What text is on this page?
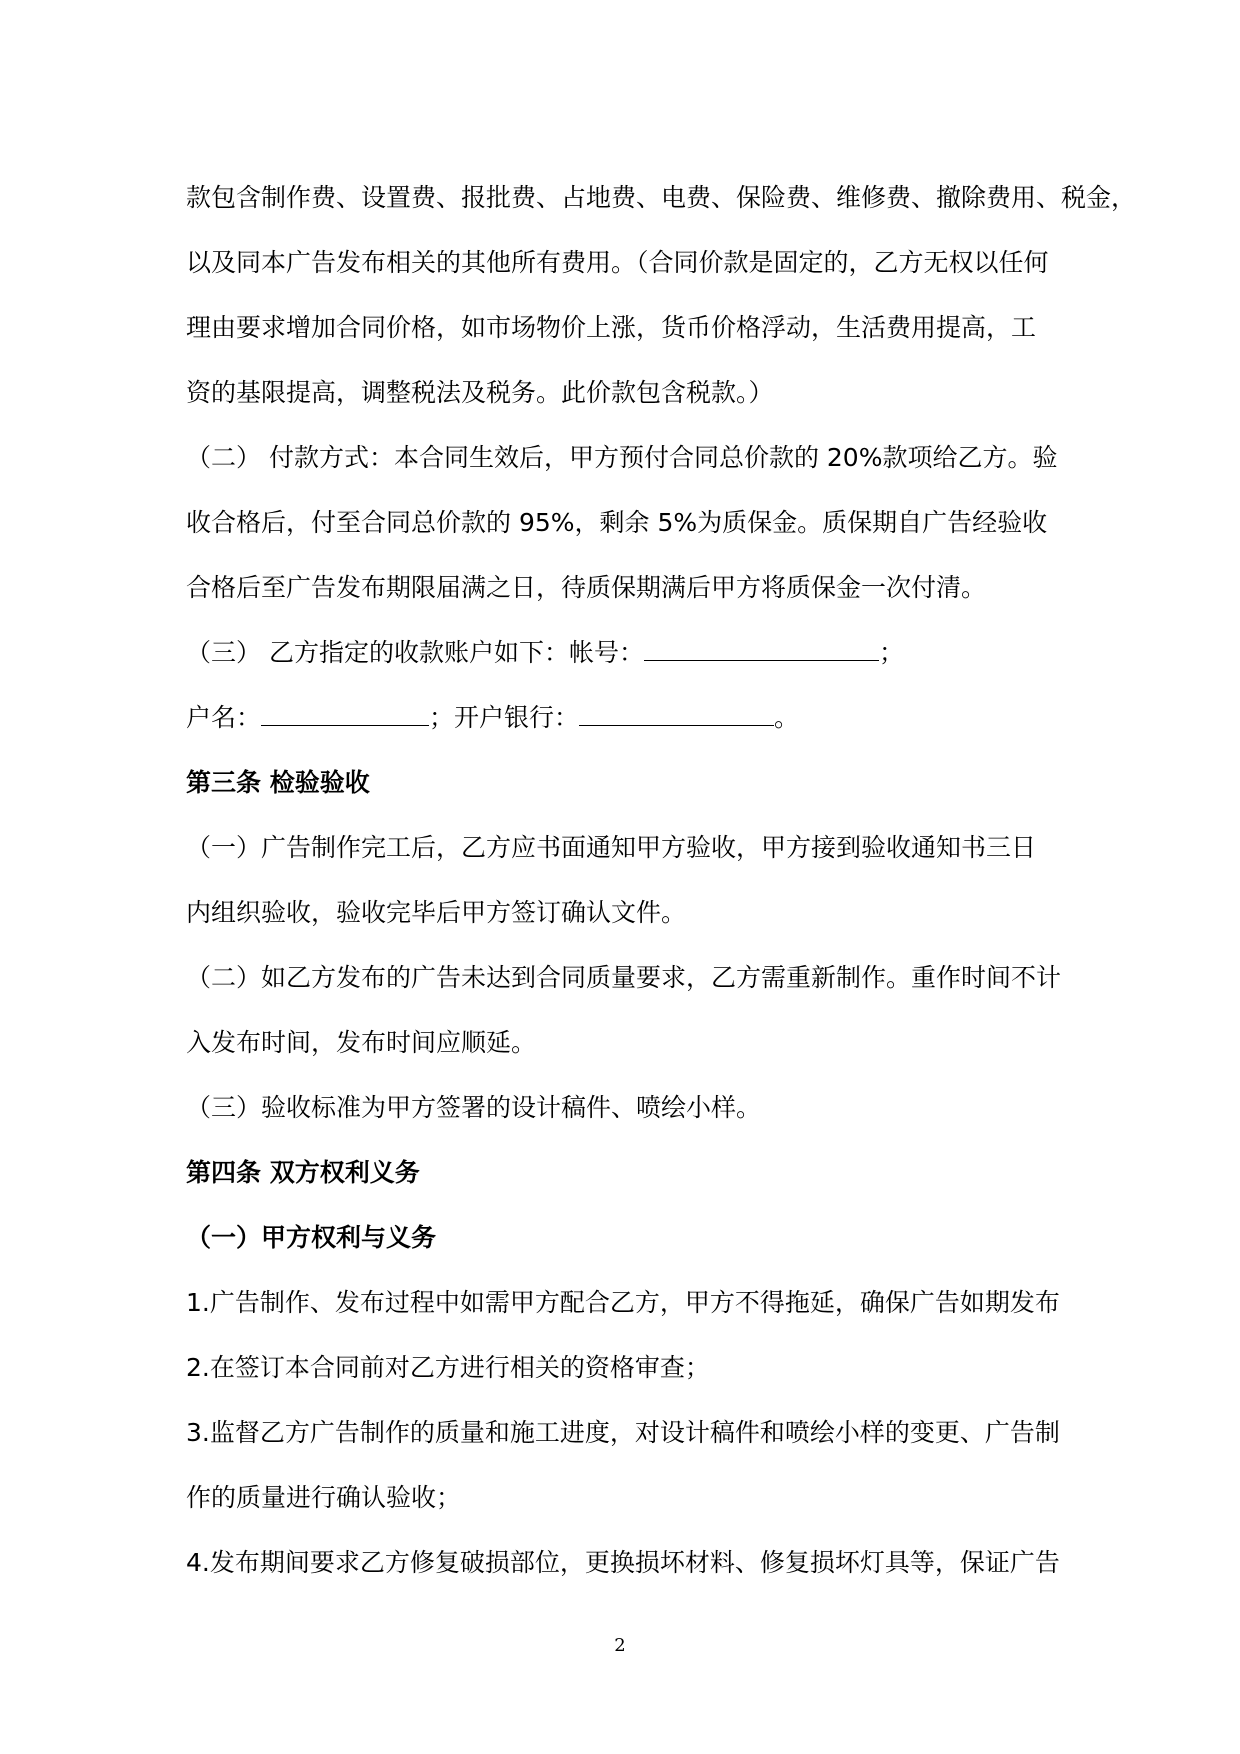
款包含制作费、设置费、报批费、占地费、电费、保险费、维修费、撤除费用、税金，
以及同本广告发布相关的其他所有费用。（合同价款是固定的，乙方无权以任何
理由要求增加合同价格，如市场物价上涨，货币价格浮动，生活费用提高，工
资的基限提高，调整税法及税务。此价款包含税款。）
（二） 付款方式：本合同生效后，甲方预付合同总价款的 20%款项给乙方。验
收合格后，付至合同总价款的 95%，剩余 5%为质保金。质保期自广告经验收
合格后至广告发布期限届满之日，待质保期满后甲方将质保金一次付清。
（三） 乙方指定的收款账户如下：帐号：	；
户名：	；开户银行：	。
第三条 检验验收
（一）广告制作完工后，乙方应书面通知甲方验收，甲方接到验收通知书三日
内组织验收，验收完毕后甲方签订确认文件。
（二）如乙方发布的广告未达到合同质量要求，乙方需重新制作。重作时间不计
入发布时间，发布时间应顺延。
（三）验收标准为甲方签署的设计稿件、喷绘小样。
第四条 双方权利义务
（一）甲方权利与义务
1.广告制作、发布过程中如需甲方配合乙方，甲方不得拖延，确保广告如期发布
2.在签订本合同前对乙方进行相关的资格审查；
3.监督乙方广告制作的质量和施工进度，对设计稿件和喷绘小样的变更、广告制
作的质量进行确认验收；
4.发布期间要求乙方修复破损部位，更换损坏材料、修复损坏灯具等，保证广告
2
